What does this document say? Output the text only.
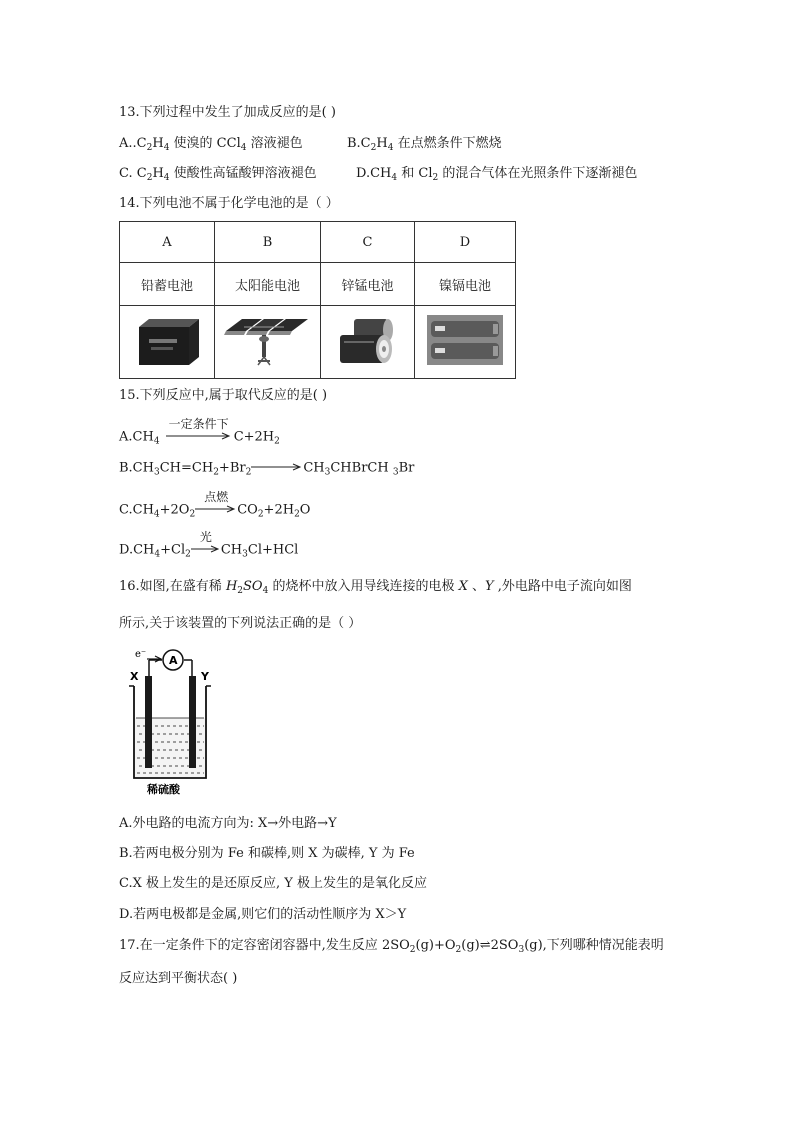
13.下列过程中发生了加成反应的是( )
$A..C_2H_4$ 使溴的 CCl$_4$ 溶液褪色	$B.C_2H_4$ 在点燃条件下燃烧
C. $C_2H_4$ 使酸性高锰酸钾溶液褪色	$D.CH_4$ 和 $Cl_2$ 的混合气体在光照条件下逐渐褪色
14.下列电池不属于化学电池的是（ ）
A	B	C	D
铅蓄电池	太阳能电池	锌锰电池	镍镉电池

15.下列反应中,属于取代反应的是( )
$A.CH_4$
一定条件下
$C+2H_2$
$B.CH_3CH=CH_2+Br_2$	$CH_3CHBrCH$ $_3$Br
$C.CH_4+2O_2$
点燃
$CO_2+2H_2O$
$D.CH_4+Cl_2$
光
$CH_3Cl+HCl$
16.如图,在盛有稀 $H_2SO_4$ 的烧杯中放入用导线连接的电极 X 、Y ,外电路中电子流向如图
所示,关于该装置的下列说法正确的是（ ）
e⁻ A
X	Y
稀硫酸
A.外电路的电流方向为: X→外电路→Y
B.若两电极分别为 Fe 和碳棒,则 X 为碳棒, Y 为 Fe
C.X 极上发生的是还原反应, Y 极上发生的是氧化反应
D.若两电极都是金属,则它们的活动性顺序为 X＞Y
17.在一定条件下的定容密闭容器中,发生反应 $2SO_2(g)+O_2(g)\rightleftharpoons 2SO_3(g)$,下列哪种情况能表明
反应达到平衡状态( )
